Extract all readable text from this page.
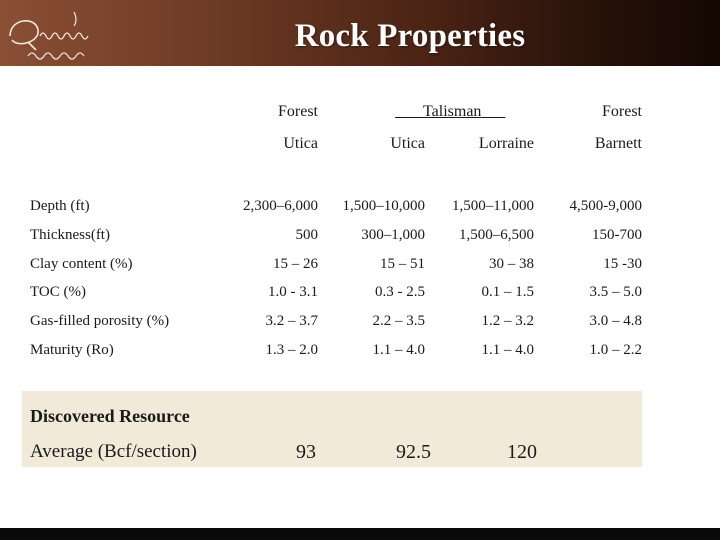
Rock Properties
Forest	Talisman	Forest
Utica	Utica	Lorraine	Barnett
Depth (ft)	2,300–6,000	1,500–10,000	1,500–11,000	4,500-9,000
Thickness(ft)	500	300–1,000	1,500–6,500	150-700
Clay content (%)	15 – 26	15 – 51	30 – 38	15 -30
TOC (%)	1.0 - 3.1	0.3 - 2.5	0.1 – 1.5	3.5 – 5.0
Gas-filled porosity (%)	3.2 – 3.7	2.2 – 3.5	1.2 – 3.2	3.0 – 4.8
Maturity (Ro)	1.3 – 2.0	1.1 – 4.0	1.1 – 4.0	1.0 – 2.2
Discovered Resource
Average (Bcf/section)	93	92.5	120
